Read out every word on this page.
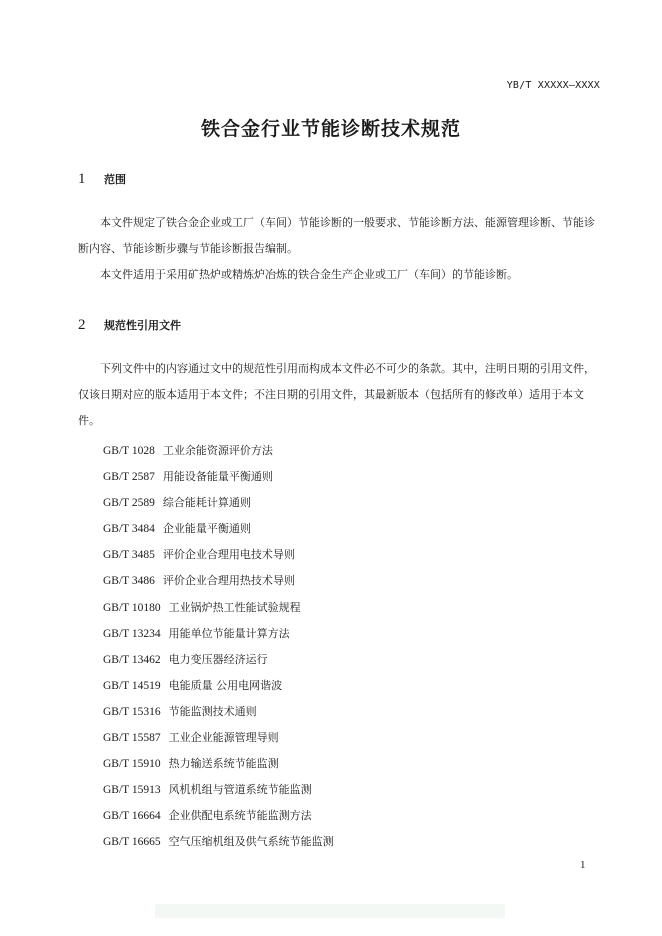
YB/T XXXXX—XXXX
铁合金行业节能诊断技术规范
1 范围
本文件规定了铁合金企业或工厂（车间）节能诊断的一般要求、节能诊断方法、能源管理诊断、节能诊断内容、节能诊断步骤与节能诊断报告编制。
本文件适用于采用矿热炉或精炼炉冶炼的铁合金生产企业或工厂（车间）的节能诊断。
2 规范性引用文件
下列文件中的内容通过文中的规范性引用而构成本文件必不可少的条款。其中，注明日期的引用文件，仅该日期对应的版本适用于本文件；不注日期的引用文件，其最新版本（包括所有的修改单）适用于本文件。
GB/T 1028 工业余能资源评价方法
GB/T 2587 用能设备能量平衡通则
GB/T 2589 综合能耗计算通则
GB/T 3484 企业能量平衡通则
GB/T 3485 评价企业合理用电技术导则
GB/T 3486 评价企业合理用热技术导则
GB/T 10180 工业锅炉热工性能试验规程
GB/T 13234 用能单位节能量计算方法
GB/T 13462 电力变压器经济运行
GB/T 14519 电能质量 公用电网谐波
GB/T 15316 节能监测技术通则
GB/T 15587 工业企业能源管理导则
GB/T 15910 热力输送系统节能监测
GB/T 15913 风机机组与管道系统节能监测
GB/T 16664 企业供配电系统节能监测方法
GB/T 16665 空气压缩机组及供气系统节能监测
1
